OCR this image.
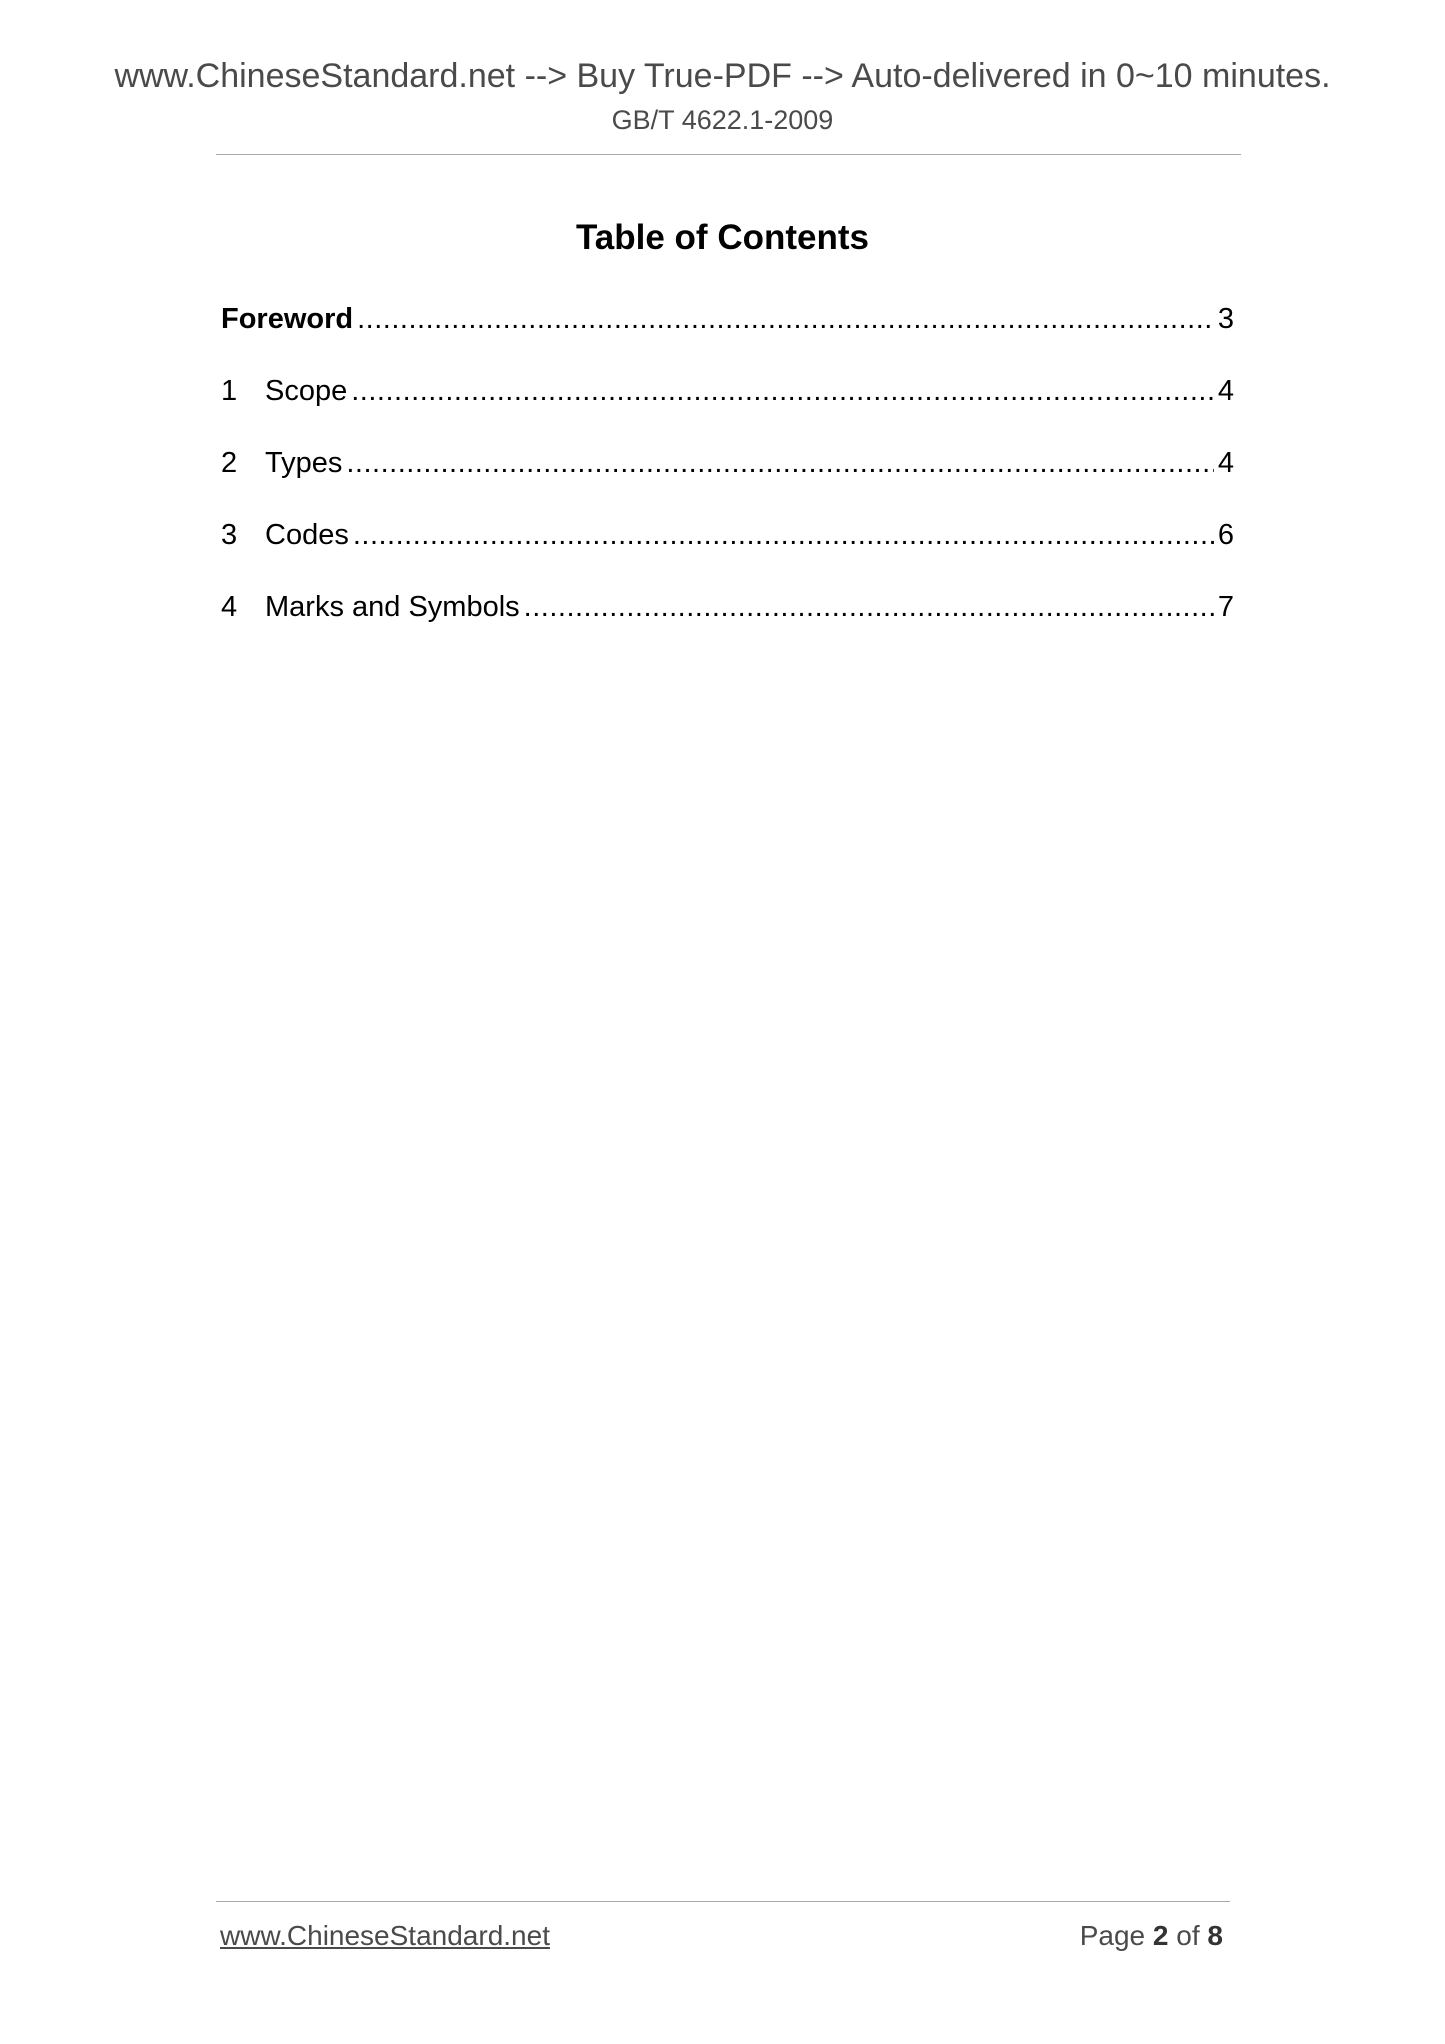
www.ChineseStandard.net --> Buy True-PDF --> Auto-delivered in 0~10 minutes.
GB/T 4622.1-2009
Table of Contents
Foreword .....	3
1 Scope .....	4
2 Types .....	4
3 Codes .....	6
4 Marks and Symbols .....	7
www.ChineseStandard.net	Page 2 of 8
